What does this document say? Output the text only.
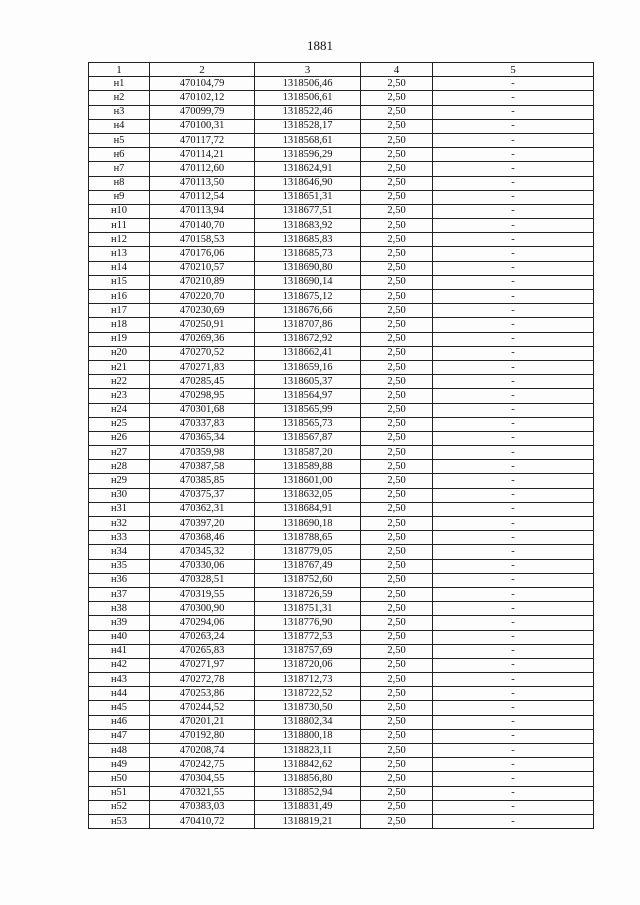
1881
1	2	3	4	5
н1	470104,79	1318506,46	2,50	-
н2	470102,12	1318506,61	2,50	-
н3	470099,79	1318522,46	2,50	-
н4	470100,31	1318528,17	2,50	-
н5	470117,72	1318568,61	2,50	-
н6	470114,21	1318596,29	2,50	-
н7	470112,60	1318624,91	2,50	-
н8	470113,50	1318646,90	2,50	-
н9	470112,54	1318651,31	2,50	-
н10	470113,94	1318677,51	2,50	-
н11	470140,70	1318683,92	2,50	-
н12	470158,53	1318685,83	2,50	-
н13	470176,06	1318685,73	2,50	-
н14	470210,57	1318690,80	2,50	-
н15	470210,89	1318690,14	2,50	-
н16	470220,70	1318675,12	2,50	-
н17	470230,69	1318676,66	2,50	-
н18	470250,91	1318707,86	2,50	-
н19	470269,36	1318672,92	2,50	-
н20	470270,52	1318662,41	2,50	-
н21	470271,83	1318659,16	2,50	-
н22	470285,45	1318605,37	2,50	-
н23	470298,95	1318564,97	2,50	-
н24	470301,68	1318565,99	2,50	-
н25	470337,83	1318565,73	2,50	-
н26	470365,34	1318567,87	2,50	-
н27	470359,98	1318587,20	2,50	-
н28	470387,58	1318589,88	2,50	-
н29	470385,85	1318601,00	2,50	-
н30	470375,37	1318632,05	2,50	-
н31	470362,31	1318684,91	2,50	-
н32	470397,20	1318690,18	2,50	-
н33	470368,46	1318788,65	2,50	-
н34	470345,32	1318779,05	2,50	-
н35	470330,06	1318767,49	2,50	-
н36	470328,51	1318752,60	2,50	-
н37	470319,55	1318726,59	2,50	-
н38	470300,90	1318751,31	2,50	-
н39	470294,06	1318776,90	2,50	-
н40	470263,24	1318772,53	2,50	-
н41	470265,83	1318757,69	2,50	-
н42	470271,97	1318720,06	2,50	-
н43	470272,78	1318712,73	2,50	-
н44	470253,86	1318722,52	2,50	-
н45	470244,52	1318730,50	2,50	-
н46	470201,21	1318802,34	2,50	-
н47	470192,80	1318800,18	2,50	-
н48	470208,74	1318823,11	2,50	-
н49	470242,75	1318842,62	2,50	-
н50	470304,55	1318856,80	2,50	-
н51	470321,55	1318852,94	2,50	-
н52	470383,03	1318831,49	2,50	-
н53	470410,72	1318819,21	2,50	-
